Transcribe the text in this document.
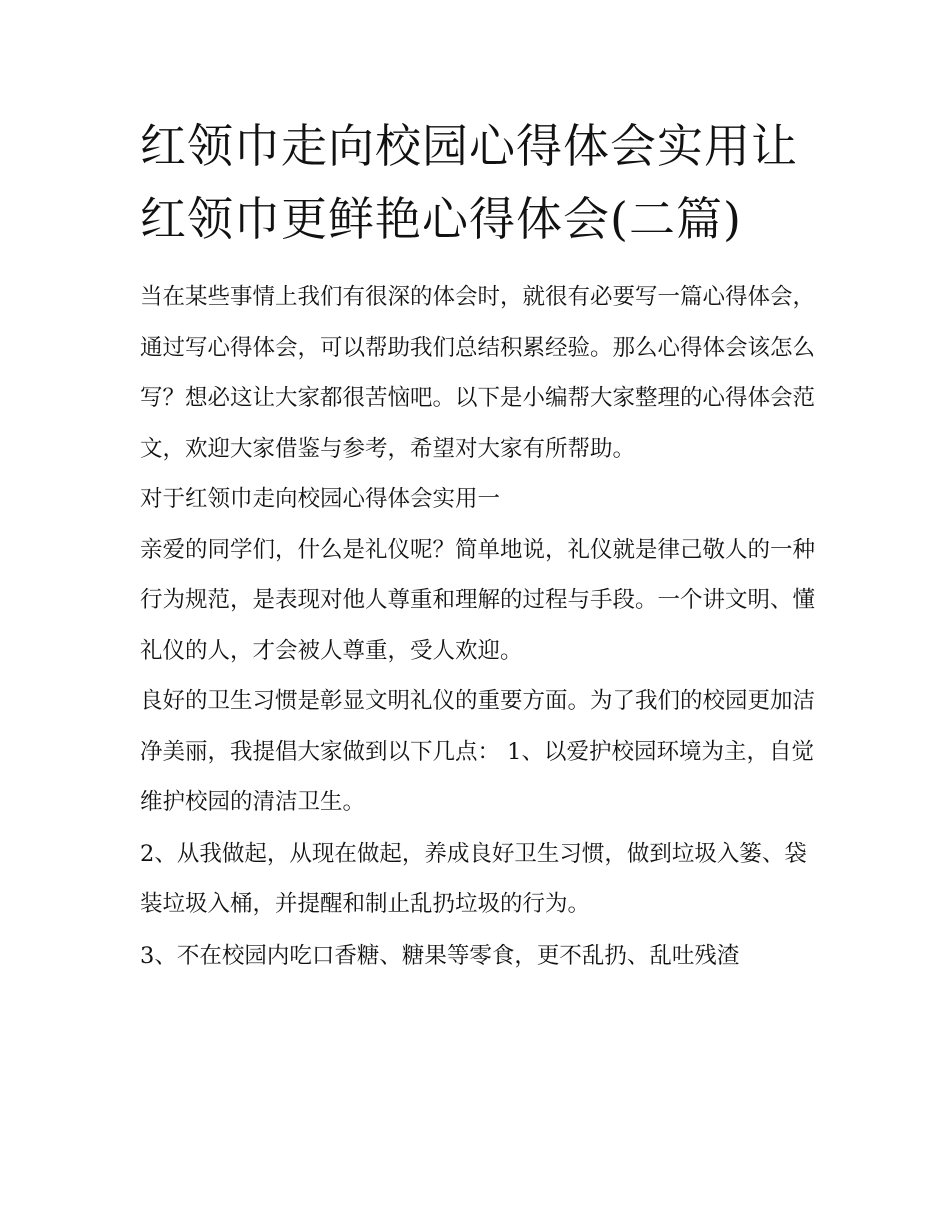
红领巾走向校园心得体会实用让红领巾更鲜艳心得体会(二篇)

当在某些事情上我们有很深的体会时，就很有必要写一篇心得体会，通过写心得体会，可以帮助我们总结积累经验。那么心得体会该怎么写？想必这让大家都很苦恼吧。以下是小编帮大家整理的心得体会范文，欢迎大家借鉴与参考，希望对大家有所帮助。

对于红领巾走向校园心得体会实用一

亲爱的同学们，什么是礼仪呢？简单地说，礼仪就是律己敬人的一种行为规范，是表现对他人尊重和理解的过程与手段。一个讲文明、懂礼仪的人，才会被人尊重，受人欢迎。

良好的卫生习惯是彰显文明礼仪的重要方面。为了我们的校园更加洁净美丽，我提倡大家做到以下几点： 1、以爱护校园环境为主，自觉维护校园的清洁卫生。

2、从我做起，从现在做起，养成良好卫生习惯，做到垃圾入篓、袋装垃圾入桶，并提醒和制止乱扔垃圾的行为。

3、不在校园内吃口香糖、糖果等零食，更不乱扔、乱吐残渣
